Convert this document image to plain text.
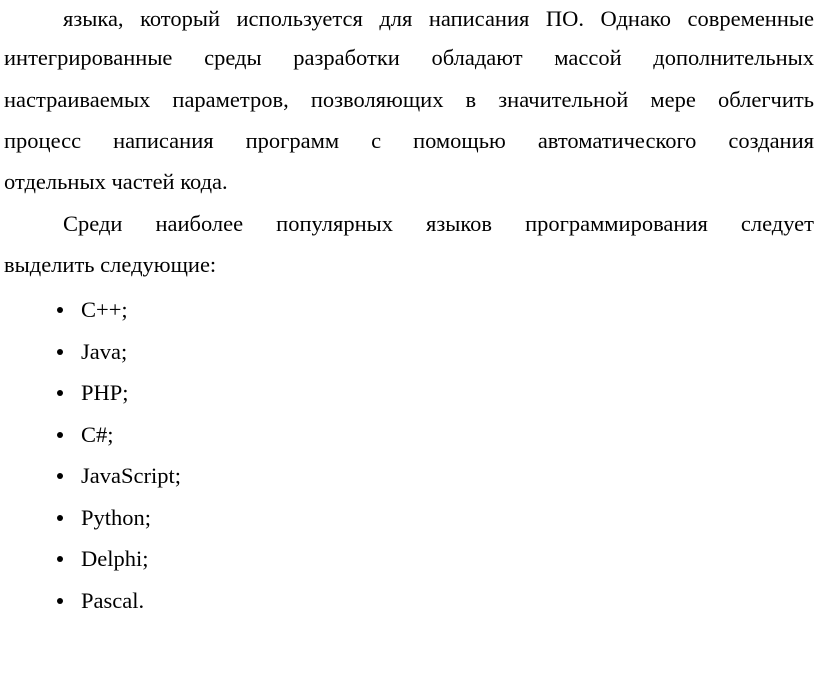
языка, который используется для написания ПО. Однако современные
интегрированные среды разработки обладают массой дополнительных
настраиваемых параметров, позволяющих в значительной мере облегчить
процесс написания программ с помощью автоматического создания
отдельных частей кода.
Среди наиболее популярных языков программирования следует
выделить следующие:
C++;
Java;
PHP;
C#;
JavaScript;
Python;
Delphi;
Pascal.
